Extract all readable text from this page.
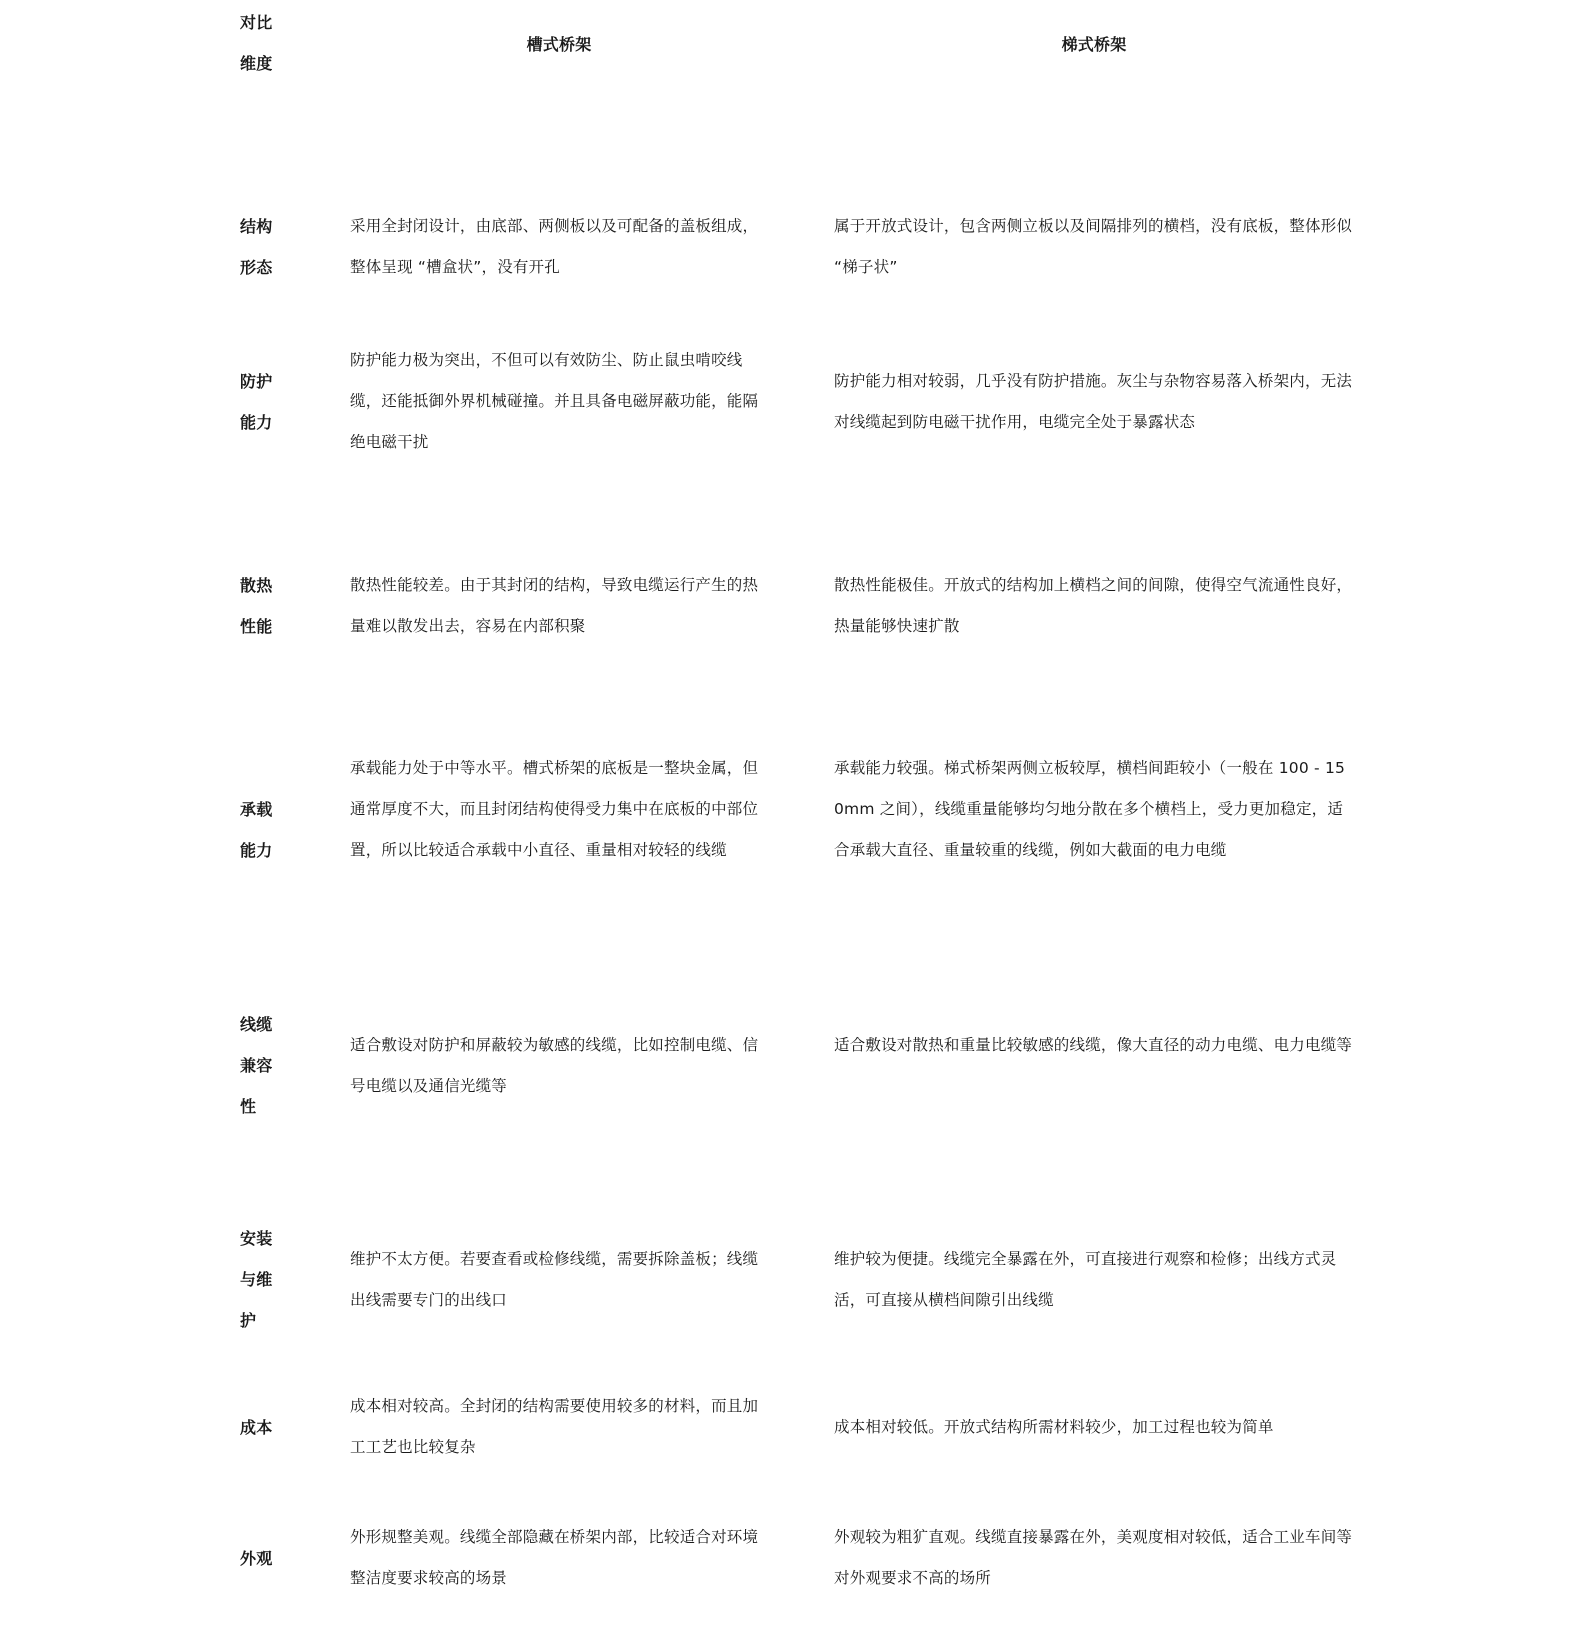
对比维度
槽式桥架	梯式桥架
结构形态
采用全封闭设计，由底部、两侧板以及可配备的盖板组成，整体呈现 “槽盒状”，没有开孔
属于开放式设计，包含两侧立板以及间隔排列的横档，没有底板，整体形似 “梯子状”
防护能力
防护能力极为突出，不但可以有效防尘、防止鼠虫啃咬线缆，还能抵御外界机械碰撞。并且具备电磁屏蔽功能，能隔绝电磁干扰
防护能力相对较弱，几乎没有防护措施。灰尘与杂物容易落入桥架内，无法对线缆起到防电磁干扰作用，电缆完全处于暴露状态
散热性能
散热性能较差。由于其封闭的结构，导致电缆运行产生的热量难以散发出去，容易在内部积聚
散热性能极佳。开放式的结构加上横档之间的间隙，使得空气流通性良好，热量能够快速扩散
承载能力
承载能力处于中等水平。槽式桥架的底板是一整块金属，但通常厚度不大，而且封闭结构使得受力集中在底板的中部位置，所以比较适合承载中小直径、重量相对较轻的线缆
承载能力较强。梯式桥架两侧立板较厚，横档间距较小（一般在 100 - 150mm 之间），线缆重量能够均匀地分散在多个横档上，受力更加稳定，适合承载大直径、重量较重的线缆，例如大截面的电力电缆
线缆兼容性
适合敷设对防护和屏蔽较为敏感的线缆，比如控制电缆、信号电缆以及通信光缆等
适合敷设对散热和重量比较敏感的线缆，像大直径的动力电缆、电力电缆等
安装与维护
维护不太方便。若要查看或检修线缆，需要拆除盖板；线缆出线需要专门的出线口
维护较为便捷。线缆完全暴露在外，可直接进行观察和检修；出线方式灵活，可直接从横档间隙引出线缆
成本
成本相对较高。全封闭的结构需要使用较多的材料，而且加工工艺也比较复杂
成本相对较低。开放式结构所需材料较少，加工过程也较为简单
外观
外形规整美观。线缆全部隐藏在桥架内部，比较适合对环境整洁度要求较高的场景
外观较为粗犷直观。线缆直接暴露在外，美观度相对较低，适合工业车间等对外观要求不高的场所
